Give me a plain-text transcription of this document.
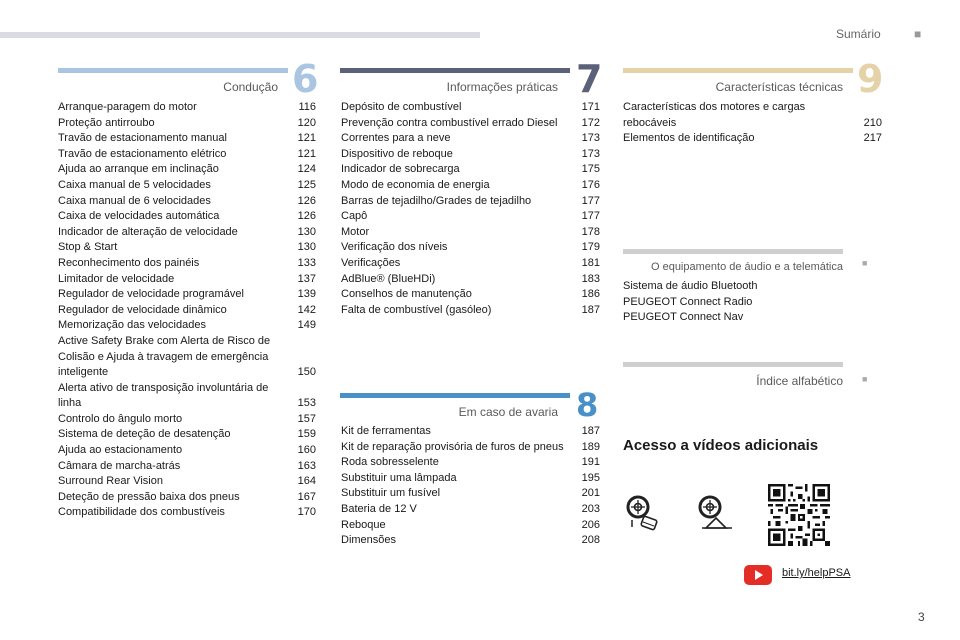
Sumário	■
Condução 6
Arranque-paragem do motor	116
Proteção antirroubo	120
Travão de estacionamento manual	121
Travão de estacionamento elétrico	121
Ajuda ao arranque em inclinação	124
Caixa manual de 5 velocidades	125
Caixa manual de 6 velocidades	126
Caixa de velocidades automática	126
Indicador de alteração de velocidade	130
Stop & Start	130
Reconhecimento dos painéis	133
Limitador de velocidade	137
Regulador de velocidade programável	139
Regulador de velocidade dinâmico	142
Memorização das velocidades	149
Active Safety Brake com Alerta de Risco de Colisão e Ajuda à travagem de emergência inteligente	150
Alerta ativo de transposição involuntária de linha	153
Controlo do ângulo morto	157
Sistema de deteção de desatenção	159
Ajuda ao estacionamento	160
Câmara de marcha-atrás	163
Surround Rear Vision	164
Deteção de pressão baixa dos pneus	167
Compatibilidade dos combustíveis	170
Informações práticas 7
Depósito de combustível	171
Prevenção contra combustível errado Diesel 172
Correntes para a neve	173
Dispositivo de reboque	173
Indicador de sobrecarga	175
Modo de economia de energia	176
Barras de tejadilho/Grades de tejadilho	177
Capô	177
Motor	178
Verificação dos níveis	179
Verificações	181
AdBlue® (BlueHDi)	183
Conselhos de manutenção	186
Falta de combustível (gasóleo)	187
Em caso de avaria 8
Kit de ferramentas	187
Kit de reparação provisória de furos de pneus 189
Roda sobresselente	191
Substituir uma lâmpada	195
Substituir um fusível	201
Bateria de 12 V	203
Reboque	206
Dimensões	208
Características técnicas 9
Características dos motores e cargas rebocáveis	210
Elementos de identificação	217
O equipamento de áudio e a telemática ■
Sistema de áudio Bluetooth
PEUGEOT Connect Radio
PEUGEOT Connect Nav
Índice alfabético ■
Acesso a vídeos adicionais
bit.ly/helpPSA
3
